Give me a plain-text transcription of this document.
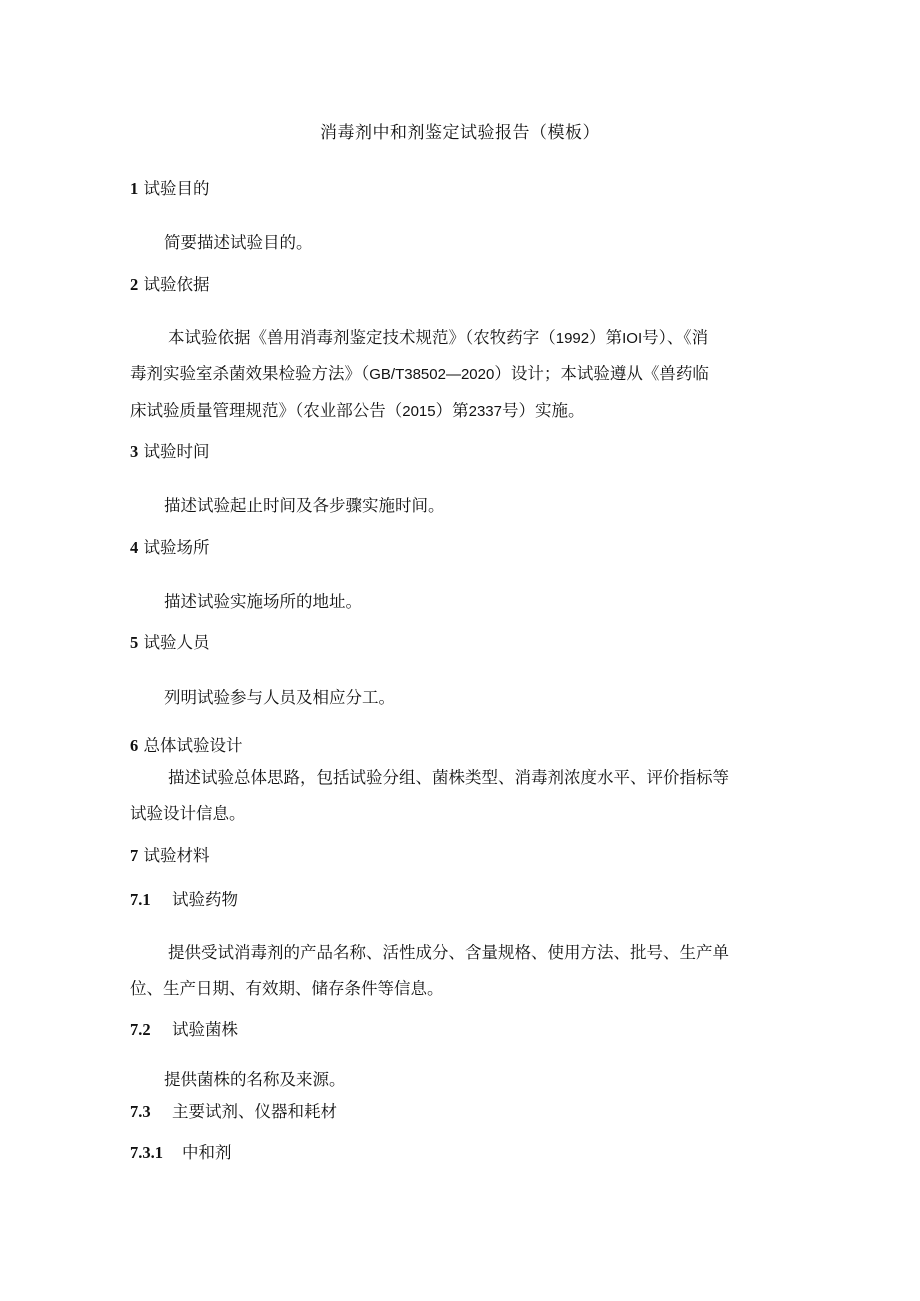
消毒剂中和剂鉴定试验报告（模板）
1 试验目的
简要描述试验目的。
2 试验依据
本试验依据《兽用消毒剂鉴定技术规范》（农牧药字（1992）第IOI号）、《消
毒剂实验室杀菌效果检验方法》（GB/T38502—2020）设计；本试验遵从《兽药临
床试验质量管理规范》（农业部公告（2015）第2337号）实施。
3 试验时间
描述试验起止时间及各步骤实施时间。
4 试验场所
描述试验实施场所的地址。
5 试验人员
列明试验参与人员及相应分工。
6 总体试验设计
描述试验总体思路，包括试验分组、菌株类型、消毒剂浓度水平、评价指标等
试验设计信息。
7 试验材料
7.1 试验药物
提供受试消毒剂的产品名称、活性成分、含量规格、使用方法、批号、生产单
位、生产日期、有效期、储存条件等信息。
7.2 试验菌株
提供菌株的名称及来源。
7.3 主要试剂、仪器和耗材
7.3.1 中和剂
